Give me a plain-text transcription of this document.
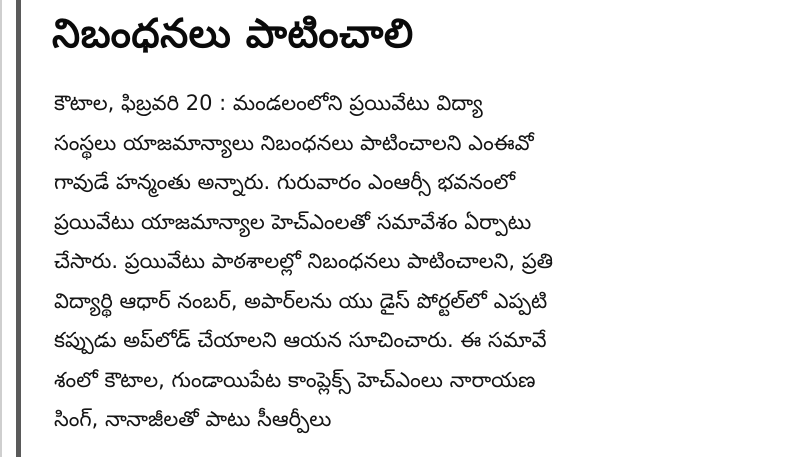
నిబంధనలు పాటించాలి
కౌటాల, ఫిబ్రవరి 20 : మండలంలోని ప్రయివేటు విద్యా
సంస్థలు యాజమాన్యాలు నిబంధనలు పాటించాలని ఎంఈవో
గావుడే హన్మంతు అన్నారు. గురువారం ఎంఆర్సీ భవనంలో
ప్రయివేటు యాజమాన్యాల హెచ్ఎంలతో సమావేశం ఏర్పాటు
చేసారు. ప్రయివేటు పాఠశాలల్లో నిబంధనలు పాటించాలని, ప్రతి
విద్యార్థి ఆధార్ నంబర్, అపార్‌లను యు డైస్ పోర్టల్‌లో ఎప్పటి
కప్పుడు అప్‌లోడ్ చేయాలని ఆయన సూచించారు. ఈ సమావే
శంలో కౌటాల, గుండాయిపేట కాంప్లెక్స్ హెచ్ఎంలు నారాయణ
సింగ్, నానాజీలతో పాటు సీఆర్పీలు
